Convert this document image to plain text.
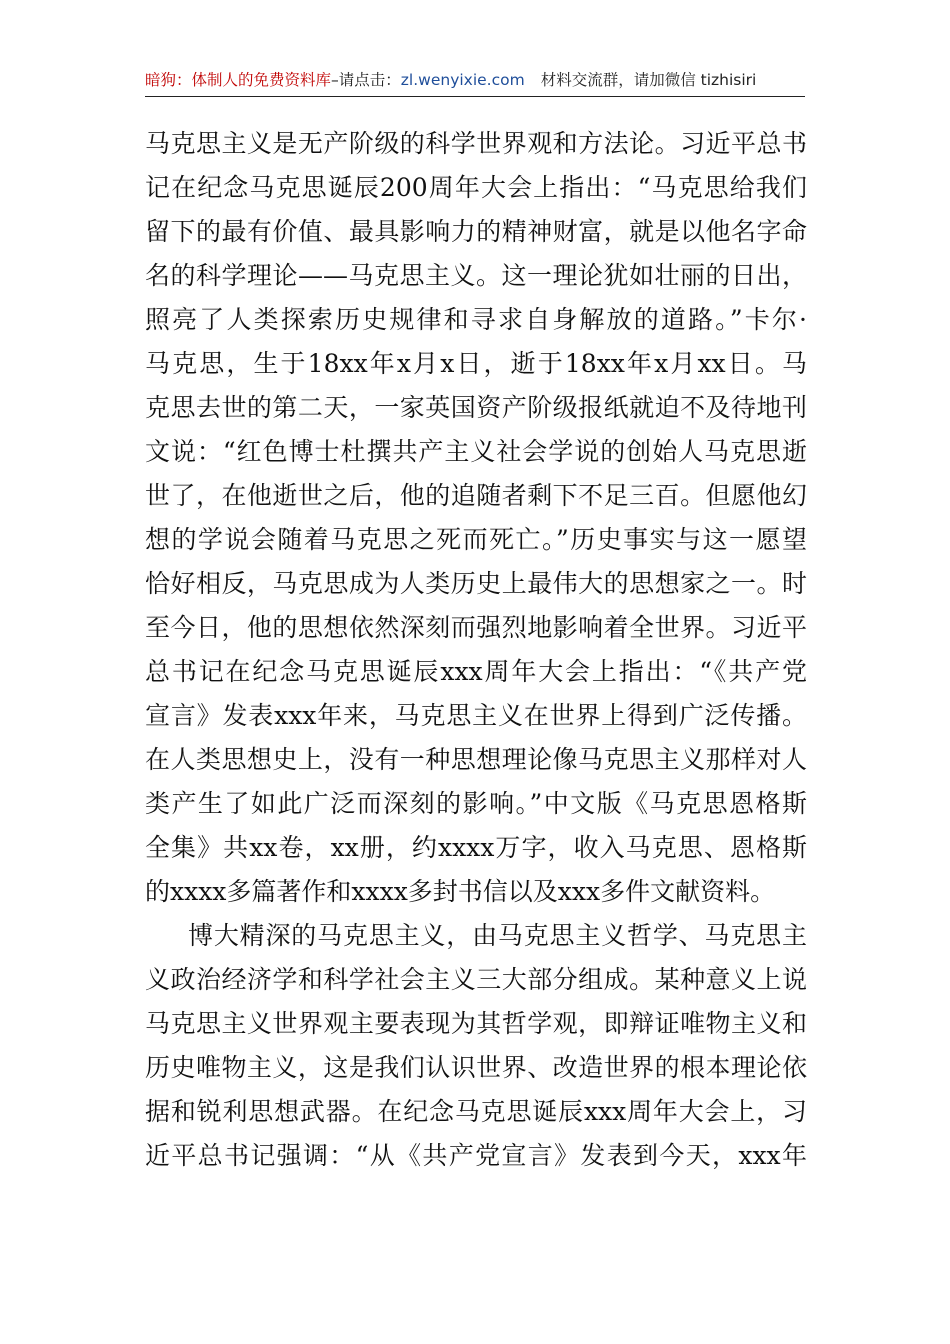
暗狗：体制人的免费资料库–请点击：zl.wenyixie.com 材料交流群，请加微信 tizhisiri
马克思主义是无产阶级的科学世界观和方法论。习近平总书
记在纪念马克思诞辰200周年大会上指出：“马克思给我们
留下的最有价值、最具影响力的精神财富，就是以他名字命
名的科学理论——马克思主义。这一理论犹如壮丽的日出，
照亮了人类探索历史规律和寻求自身解放的道路。”卡尔·
马克思，生于18xx年x月x日，逝于18xx年x月xx日。马
克思去世的第二天，一家英国资产阶级报纸就迫不及待地刊
文说：“红色博士杜撰共产主义社会学说的创始人马克思逝
世了，在他逝世之后，他的追随者剩下不足三百。但愿他幻
想的学说会随着马克思之死而死亡。”历史事实与这一愿望
恰好相反，马克思成为人类历史上最伟大的思想家之一。时
至今日，他的思想依然深刻而强烈地影响着全世界。习近平
总书记在纪念马克思诞辰xxx周年大会上指出：“《共产党
宣言》发表xxx年来，马克思主义在世界上得到广泛传播。
在人类思想史上，没有一种思想理论像马克思主义那样对人
类产生了如此广泛而深刻的影响。”中文版《马克思恩格斯
全集》共xx卷，xx册，约xxxx万字，收入马克思、恩格斯
的xxxx多篇著作和xxxx多封书信以及xxx多件文献资料。
博大精深的马克思主义，由马克思主义哲学、马克思主
义政治经济学和科学社会主义三大部分组成。某种意义上说
马克思主义世界观主要表现为其哲学观，即辩证唯物主义和
历史唯物主义，这是我们认识世界、改造世界的根本理论依
据和锐利思想武器。在纪念马克思诞辰xxx周年大会上，习
近平总书记强调：“从《共产党宣言》发表到今天，xxx年
